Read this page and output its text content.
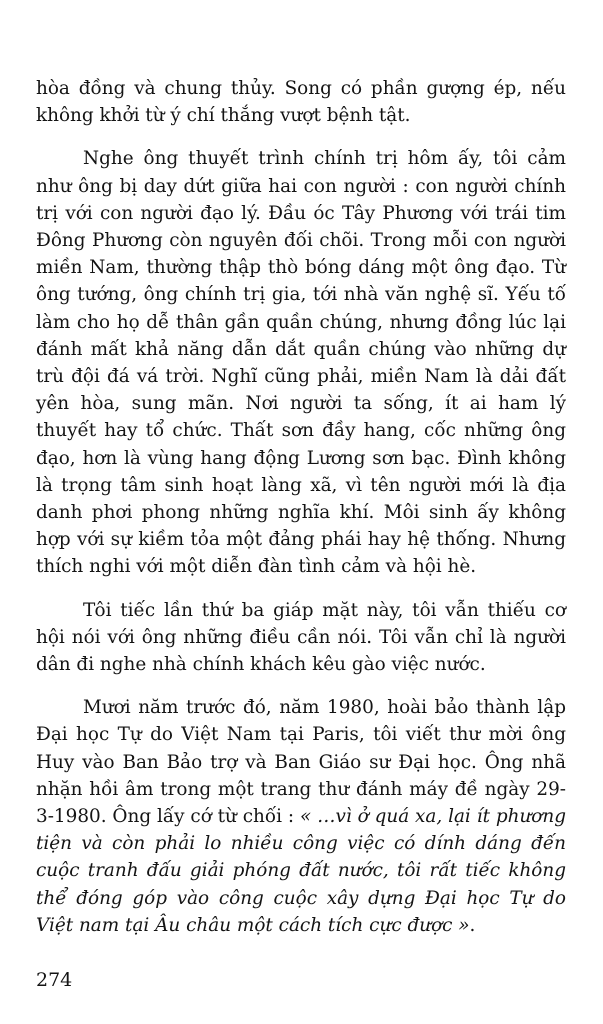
hòa đồng và chung thủy. Song có phần gượng ép, nếu không khởi từ ý chí thắng vượt bệnh tật.

Nghe ông thuyết trình chính trị hôm ấy, tôi cảm như ông bị day dứt giữa hai con người : con người chính trị với con người đạo lý. Đầu óc Tây Phương với trái tim Đông Phương còn nguyên đối chõi. Trong mỗi con người miền Nam, thường thập thò bóng dáng một ông đạo. Từ ông tướng, ông chính trị gia, tới nhà văn nghệ sĩ. Yếu tố làm cho họ dễ thân gần quần chúng, nhưng đồng lúc lại đánh mất khả năng dẫn dắt quần chúng vào những dự trù đội đá vá trời. Nghĩ cũng phải, miền Nam là dải đất yên hòa, sung mãn. Nơi người ta sống, ít ai ham lý thuyết hay tổ chức. Thất sơn đầy hang, cốc những ông đạo, hơn là vùng hang động Lương sơn bạc. Đình không là trọng tâm sinh hoạt làng xã, vì tên người mới là địa danh phơi phong những nghĩa khí. Môi sinh ấy không hợp với sự kiềm tỏa một đảng phái hay hệ thống. Nhưng thích nghi với một diễn đàn tình cảm và hội hè.

Tôi tiếc lần thứ ba giáp mặt này, tôi vẫn thiếu cơ hội nói với ông những điều cần nói. Tôi vẫn chỉ là người dân đi nghe nhà chính khách kêu gào việc nước.

Mươi năm trước đó, năm 1980, hoài bảo thành lập Đại học Tự do Việt Nam tại Paris, tôi viết thư mời ông Huy vào Ban Bảo trợ và Ban Giáo sư Đại học. Ông nhã nhặn hồi âm trong một trang thư đánh máy đề ngày 29-3-1980. Ông lấy cớ từ chối : « …vì ở quá xa, lại ít phương tiện và còn phải lo nhiều công việc có dính dáng đến cuộc tranh đấu giải phóng đất nước, tôi rất tiếc không thể đóng góp vào công cuộc xây dựng Đại học Tự do Việt nam tại Âu châu một cách tích cực được ».

274
